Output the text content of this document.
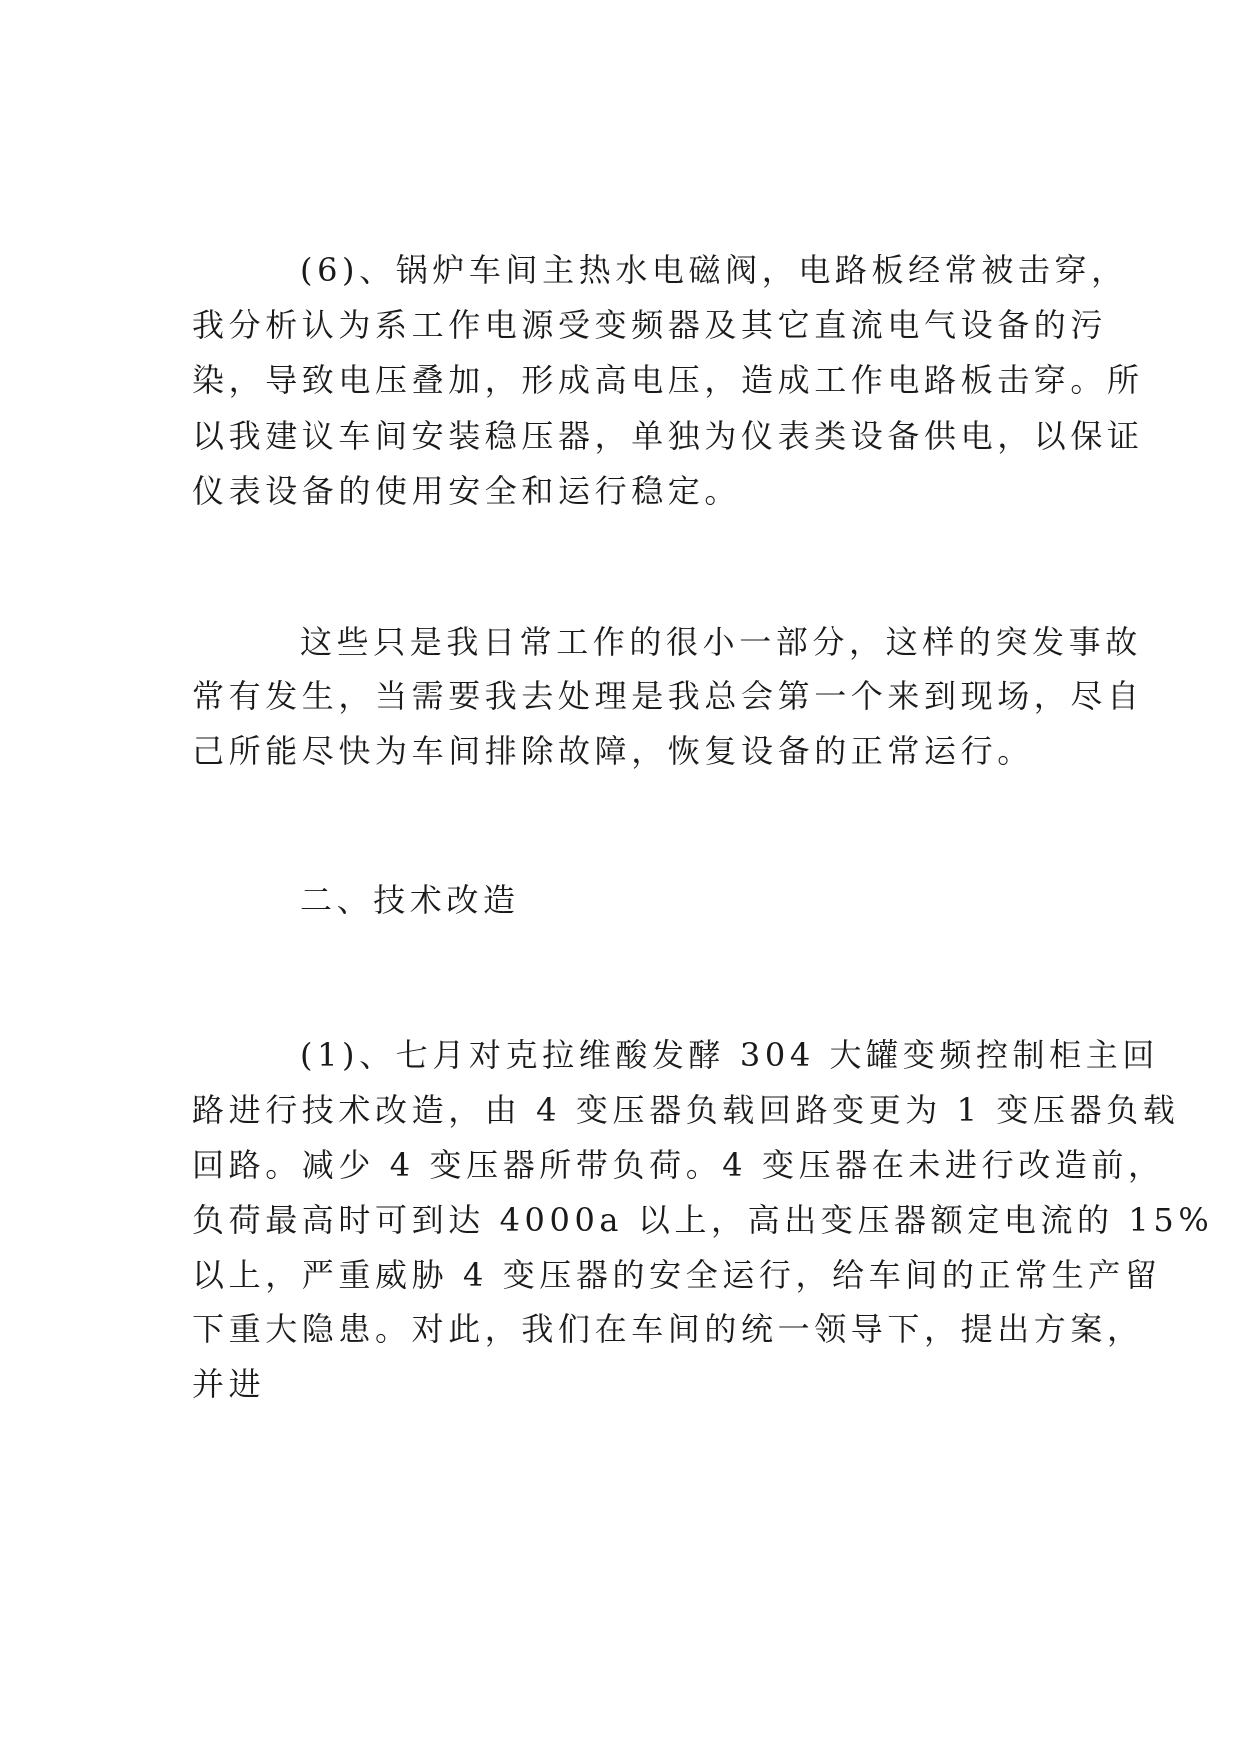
(6)、锅炉车间主热水电磁阀，电路板经常被击穿，
我分析认为系工作电源受变频器及其它直流电气设备的污
染，导致电压叠加，形成高电压，造成工作电路板击穿。所
以我建议车间安装稳压器，单独为仪表类设备供电，以保证
仪表设备的使用安全和运行稳定。
这些只是我日常工作的很小一部分，这样的突发事故
常有发生，当需要我去处理是我总会第一个来到现场，尽自
己所能尽快为车间排除故障，恢复设备的正常运行。
二、技术改造
(1)、七月对克拉维酸发酵 304 大罐变频控制柜主回
路进行技术改造，由 4 变压器负载回路变更为 1 变压器负载
回路。减少 4 变压器所带负荷。4 变压器在未进行改造前，
负荷最高时可到达 4000a 以上，高出变压器额定电流的 15%
以上，严重威胁 4 变压器的安全运行，给车间的正常生产留
下重大隐患。对此，我们在车间的统一领导下，提出方案，
并进
